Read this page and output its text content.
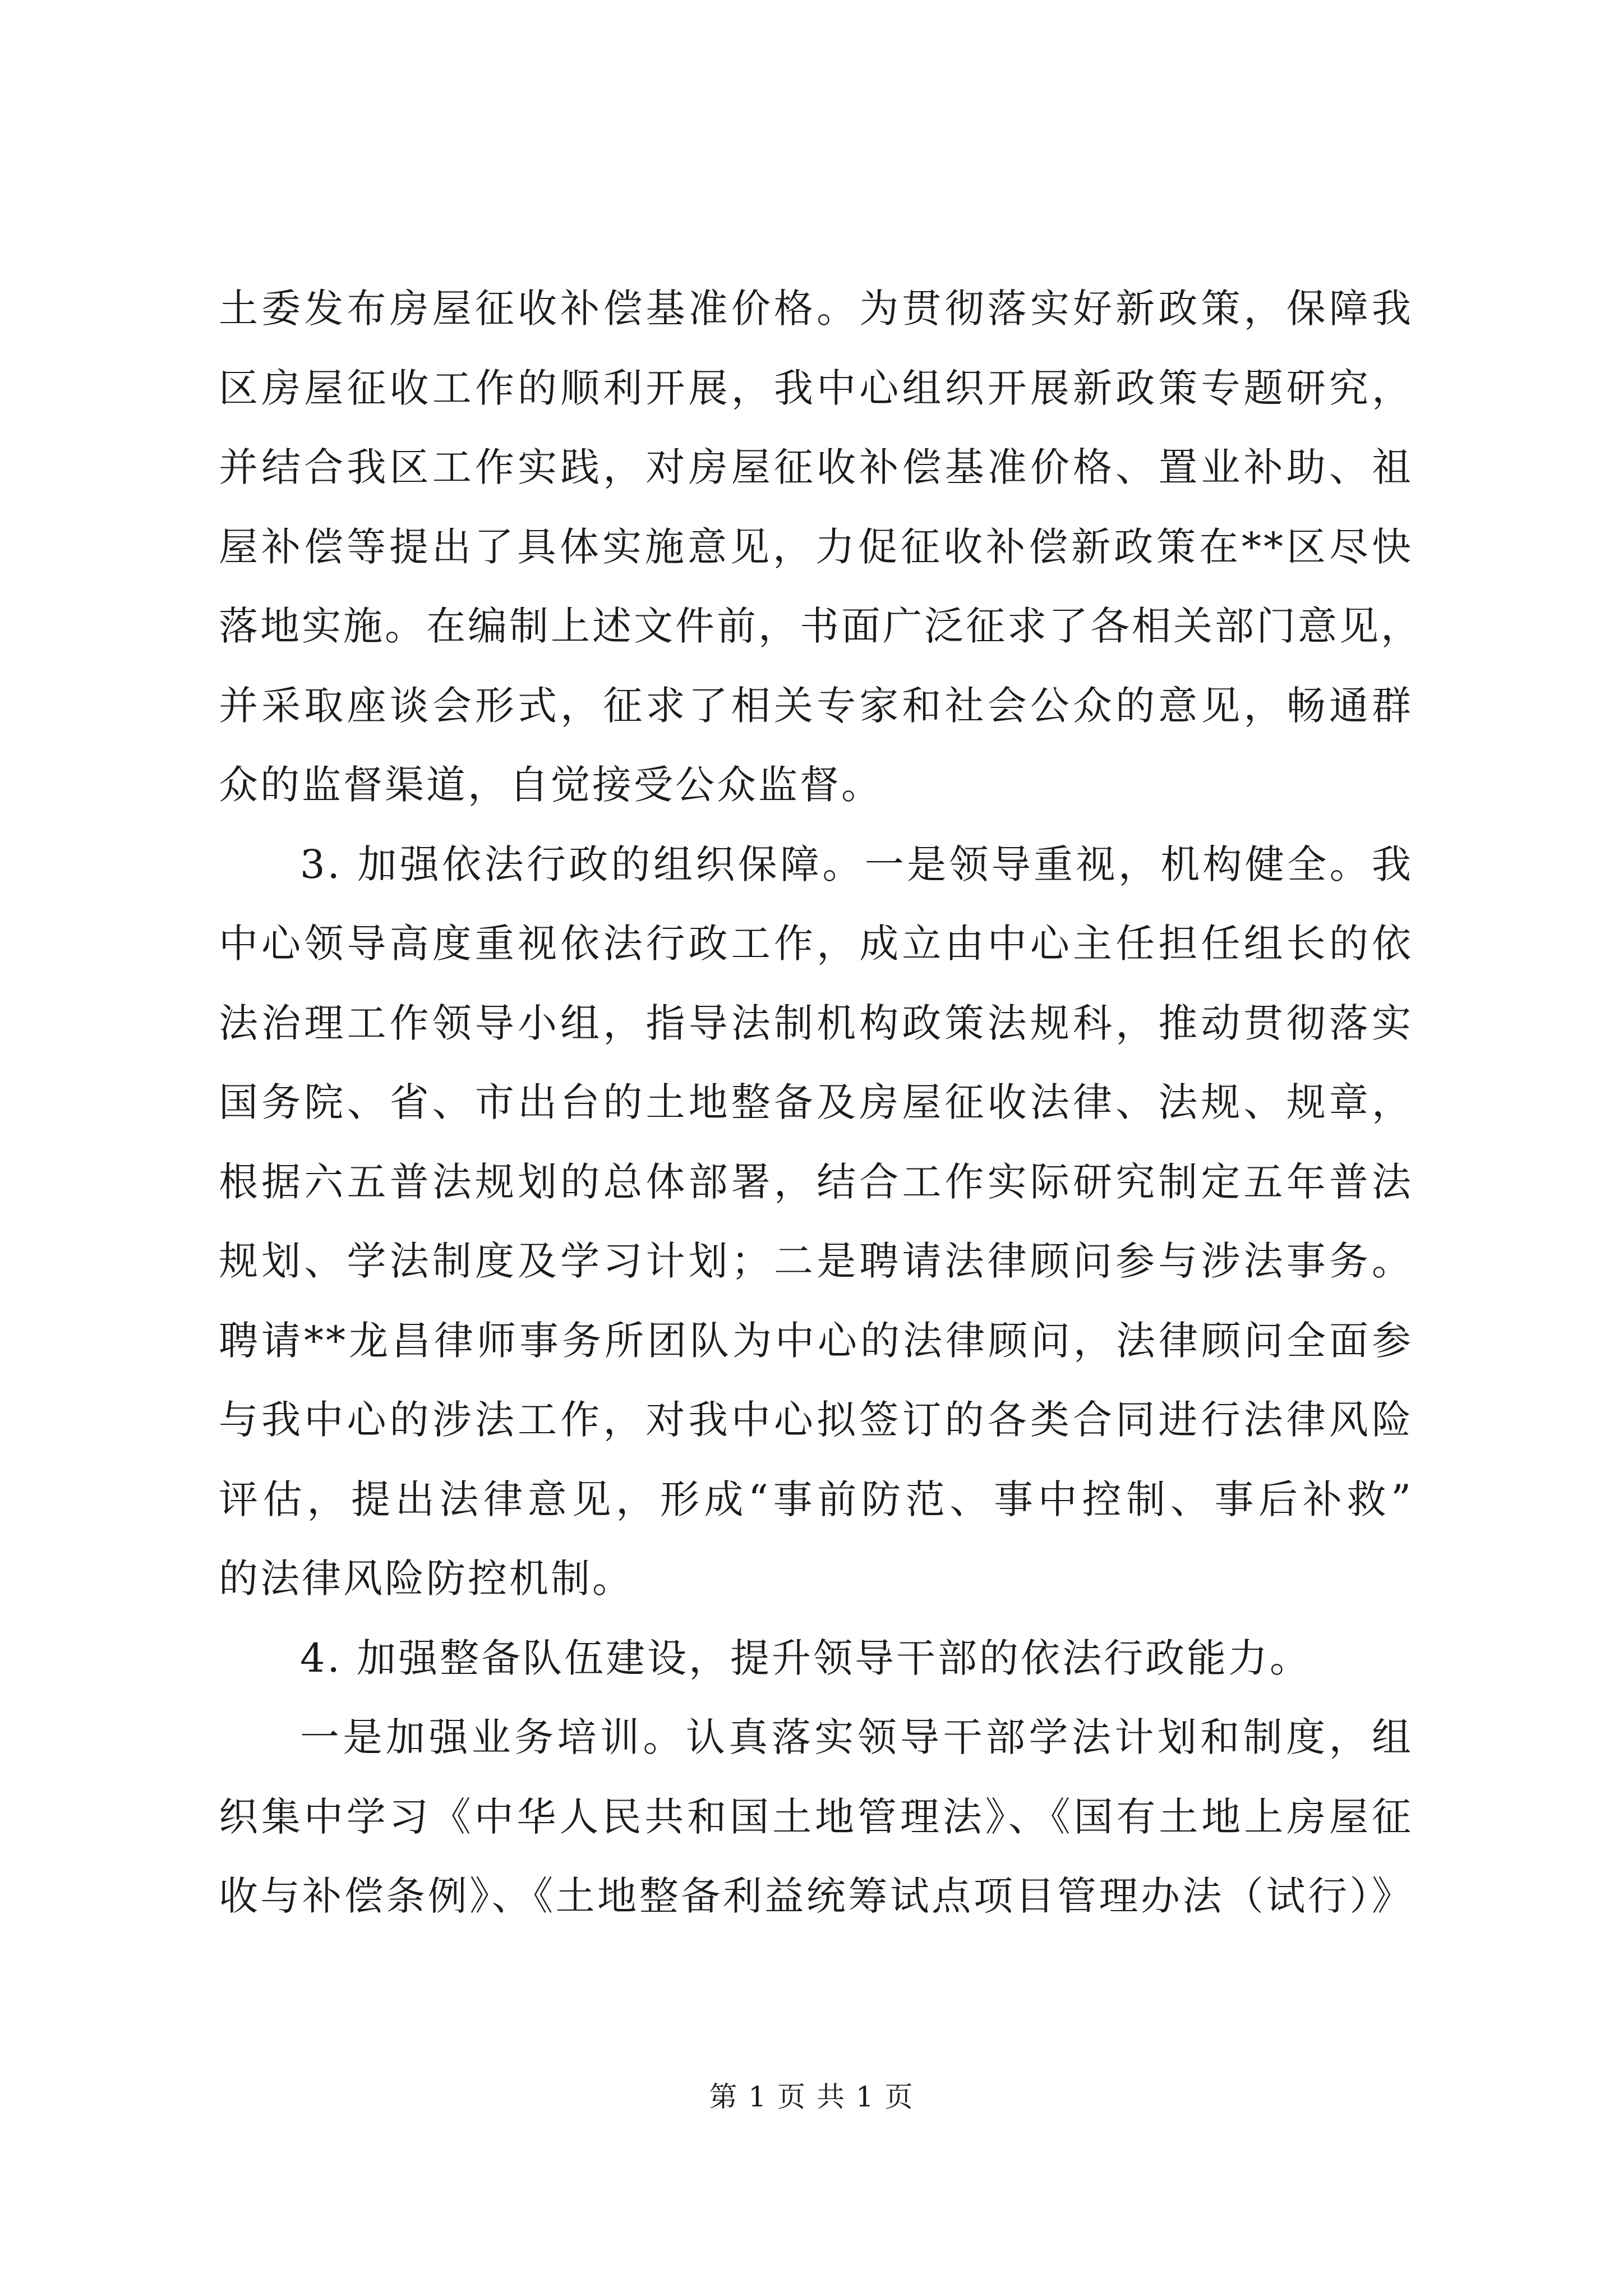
土委发布房屋征收补偿基准价格。为贯彻落实好新政策，保障我
区房屋征收工作的顺利开展，我中心组织开展新政策专题研究，
并结合我区工作实践，对房屋征收补偿基准价格、置业补助、祖
屋补偿等提出了具体实施意见，力促征收补偿新政策在**区尽快
落地实施。在编制上述文件前，书面广泛征求了各相关部门意见，
并采取座谈会形式，征求了相关专家和社会公众的意见，畅通群
众的监督渠道，自觉接受公众监督。
3. 加强依法行政的组织保障。一是领导重视，机构健全。我
中心领导高度重视依法行政工作，成立由中心主任担任组长的依
法治理工作领导小组，指导法制机构政策法规科，推动贯彻落实
国务院、省、市出台的土地整备及房屋征收法律、法规、规章，
根据六五普法规划的总体部署，结合工作实际研究制定五年普法
规划、学法制度及学习计划；二是聘请法律顾问参与涉法事务。
聘请**龙昌律师事务所团队为中心的法律顾问，法律顾问全面参
与我中心的涉法工作，对我中心拟签订的各类合同进行法律风险
评估，提出法律意见，形成“事前防范、事中控制、事后补救”
的法律风险防控机制。
4. 加强整备队伍建设，提升领导干部的依法行政能力。
一是加强业务培训。认真落实领导干部学法计划和制度，组
织集中学习《中华人民共和国土地管理法》、《国有土地上房屋征
收与补偿条例》、《土地整备利益统筹试点项目管理办法（试行）》
第 1 页 共 1 页
